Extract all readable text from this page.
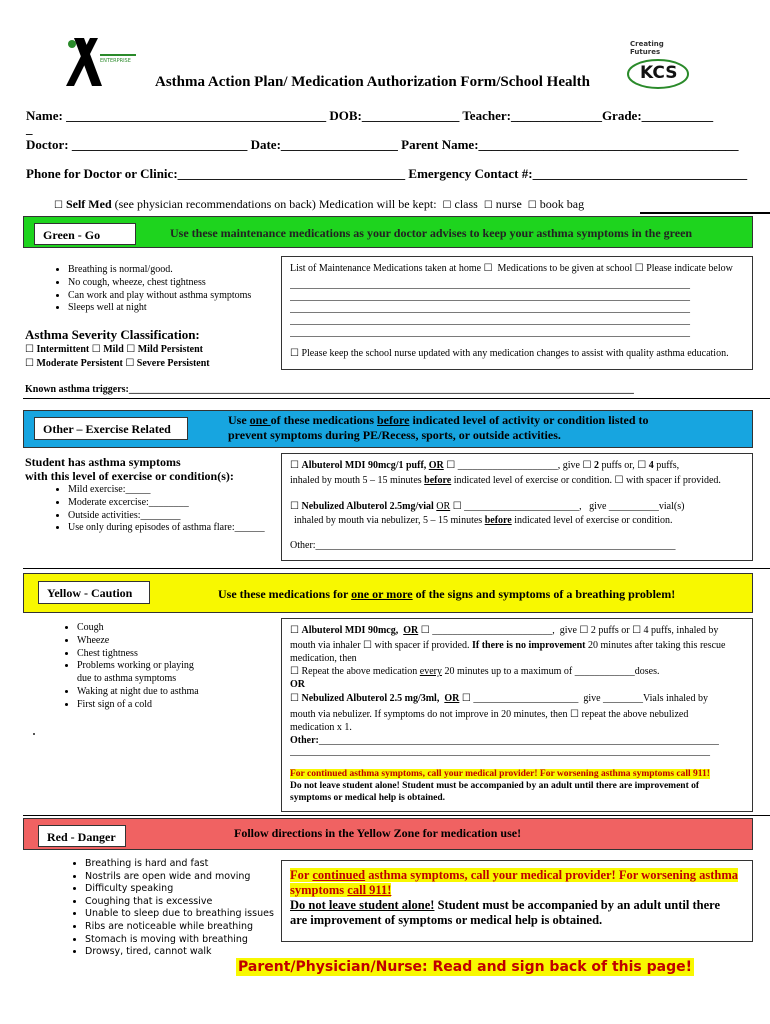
ENTERPRISE
Creating Futures
KCS
Asthma Action Plan/ Medication Authorization Form/School Health
Name: ________________________________________ DOB:_______________ Teacher:______________Grade:___________
_
Doctor: ___________________________ Date:__________________ Parent Name:________________________________________
Phone for Doctor or Clinic:___________________________________ Emergency Contact #:_________________________________
☐ Self Med (see physician recommendations on back) Medication will be kept: ☐ class ☐ nurse ☐ book bag
Green - Go	Use these maintenance medications as your doctor advises to keep your asthma symptoms in the green
• Breathing is normal/good.
• No cough, wheeze, chest tightness
• Can work and play without asthma symptoms
• Sleeps well at night
Asthma Severity Classification:
☐ Intermittent ☐ Mild ☐ Mild Persistent
☐ Moderate Persistent ☐ Severe Persistent
List of Maintenance Medications taken at home ☐ Medications to be given at school ☐ Please indicate below
________________________________________________________________________________
________________________________________________________________________________
________________________________________________________________________________
________________________________________________________________________________
________________________________________________________________________________
☐ Please keep the school nurse updated with any medication changes to assist with quality asthma education.
Known asthma triggers:_____________________________________________________________________________________________________
Other – Exercise Related
Use one of these medications before indicated level of activity or condition listed to
prevent symptoms during PE/Recess, sports, or outside activities.
Student has asthma symptoms
with this level of exercise or condition(s):
• Mild exercise:_____
• Moderate excercise:________
• Outside activities:________
• Use only during episodes of asthma flare:______
☐ Albuterol MDI 90mcg/1 puff, OR ☐ ____________________, give ☐ 2 puffs or, ☐ 4 puffs,
inhaled by mouth 5 – 15 minutes before indicated level of exercise or condition. ☐ with spacer if provided.
☐ Nebulized Albuterol 2.5mg/vial OR ☐ _______________________, give __________vial(s)
inhaled by mouth via nebulizer, 5 – 15 minutes before indicated level of exercise or condition.
Other:________________________________________________________________________
Yellow - Caution	Use these medications for one or more of the signs and symptoms of a breathing problem!
• Cough
• Wheeze
• Chest tightness
• Problems working or playing
due to asthma symptoms
• Waking at night due to asthma
• First sign of a cold
☐ Albuterol MDI 90mcg, OR ☐ ________________________, give ☐ 2 puffs or ☐ 4 puffs, inhaled by
mouth via inhaler ☐ with spacer if provided. If there is no improvement 20 minutes after taking this rescue
medication, then
☐ Repeat the above medication every 20 minutes up to a maximum of ____________doses.
OR
☐ Nebulized Albuterol 2.5 mg/3ml, OR ☐ _____________________ give ________Vials inhaled by
mouth via nebulizer. If symptoms do not improve in 20 minutes, then ☐ repeat the above nebulized
medication x 1.
Other:________________________________________________________________________________
____________________________________________________________________________________
For continued asthma symptoms, call your medical provider! For worsening asthma symptoms call 911!
Do not leave student alone! Student must be accompanied by an adult until there are improvement of
symptoms or medical help is obtained.
Red - Danger	Follow directions in the Yellow Zone for medication use!
• Breathing is hard and fast
• Nostrils are open wide and moving
• Difficulty speaking
• Coughing that is excessive
• Unable to sleep due to breathing issues
• Ribs are noticeable while breathing
• Stomach is moving with breathing
• Drowsy, tired, cannot walk
For continued asthma symptoms, call your medical provider! For worsening asthma
symptoms call 911!
Do not leave student alone! Student must be accompanied by an adult until there
are improvement of symptoms or medical help is obtained.
Parent/Physician/Nurse: Read and sign back of this page!
